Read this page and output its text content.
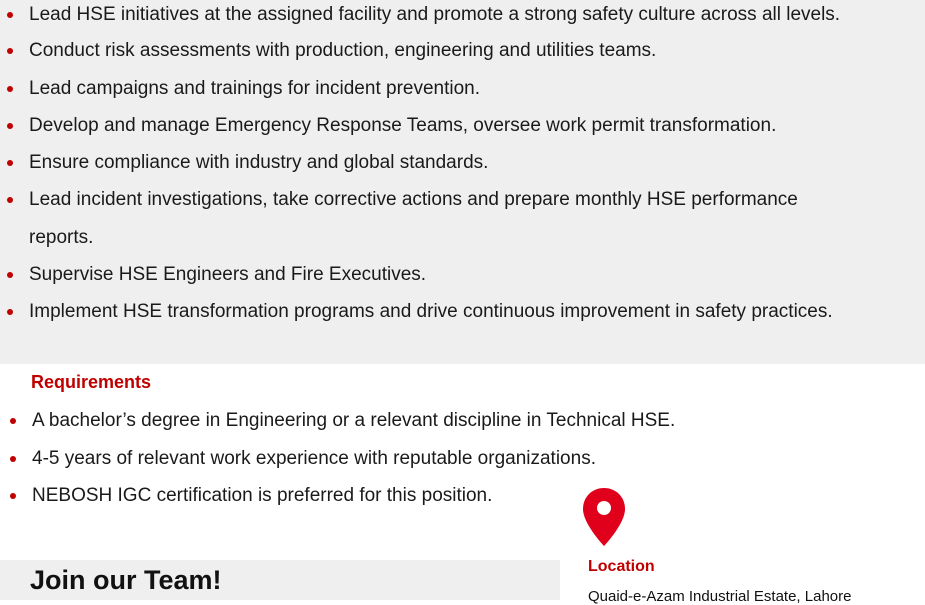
Lead HSE initiatives at the assigned facility and promote a strong safety culture across all levels.
Conduct risk assessments with production, engineering and utilities teams.
Lead campaigns and trainings for incident prevention.
Develop and manage Emergency Response Teams, oversee work permit transformation.
Ensure compliance with industry and global standards.
Lead incident investigations, take corrective actions and prepare monthly HSE performance
reports.
Supervise HSE Engineers and Fire Executives.
Implement HSE transformation programs and drive continuous improvement in safety practices.
Requirements
A bachelor’s degree in Engineering or a relevant discipline in Technical HSE.
4-5 years of relevant work experience with reputable organizations.
NEBOSH IGC certification is preferred for this position.
Join our Team!	Location
Quaid-e-Azam Industrial Estate, Lahore
